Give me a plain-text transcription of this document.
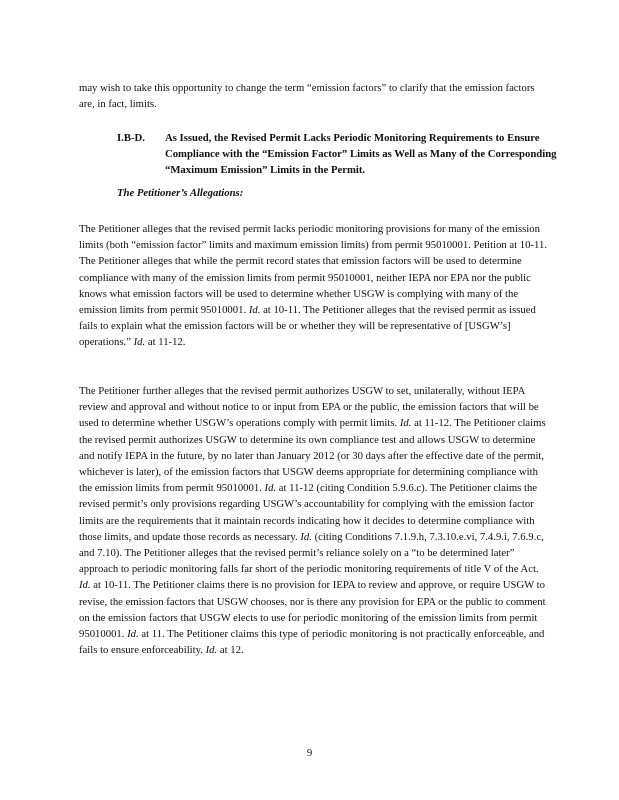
may wish to take this opportunity to change the term “emission factors” to clarify that the emission factors are, in fact, limits.

I.B-D. As Issued, the Revised Permit Lacks Periodic Monitoring Requirements to Ensure Compliance with the “Emission Factor” Limits as Well as Many of the Corresponding “Maximum Emission” Limits in the Permit.
The Petitioner’s Allegations:

The Petitioner alleges that the revised permit lacks periodic monitoring provisions for many of the emission limits (both “emission factor” limits and maximum emission limits) from permit 95010001. Petition at 10-11. The Petitioner alleges that while the permit record states that emission factors will be used to determine compliance with many of the emission limits from permit 95010001, neither IEPA nor EPA nor the public knows what emission factors will be used to determine whether USGW is complying with many of the emission limits from permit 95010001. Id. at 10-11. The Petitioner alleges that the revised permit as issued fails to explain what the emission factors will be or whether they will be representative of [USGW’s] operations.” Id. at 11-12.

The Petitioner further alleges that the revised permit authorizes USGW to set, unilaterally, without IEPA review and approval and without notice to or input from EPA or the public, the emission factors that will be used to determine whether USGW’s operations comply with permit limits. Id. at 11-12. The Petitioner claims the revised permit authorizes USGW to determine its own compliance test and allows USGW to determine and notify IEPA in the future, by no later than January 2012 (or 30 days after the effective date of the permit, whichever is later), of the emission factors that USGW deems appropriate for determining compliance with the emission limits from permit 95010001. Id. at 11-12 (citing Condition 5.9.6.c). The Petitioner claims the revised permit’s only provisions regarding USGW’s accountability for complying with the emission factor limits are the requirements that it maintain records indicating how it decides to determine compliance with those limits, and update those records as necessary. Id. (citing Conditions 7.1.9.h, 7.3.10.e.vi, 7.4.9.i, 7.6.9.c, and 7.10). The Petitioner alleges that the revised permit’s reliance solely on a “to be determined later” approach to periodic monitoring falls far short of the periodic monitoring requirements of title V of the Act. Id. at 10-11. The Petitioner claims there is no provision for IEPA to review and approve, or require USGW to revise, the emission factors that USGW chooses, nor is there any provision for EPA or the public to comment on the emission factors that USGW elects to use for periodic monitoring of the emission limits from permit 95010001. Id. at 11. The Petitioner claims this type of periodic monitoring is not practically enforceable, and fails to ensure enforceability. Id. at 12.

9
